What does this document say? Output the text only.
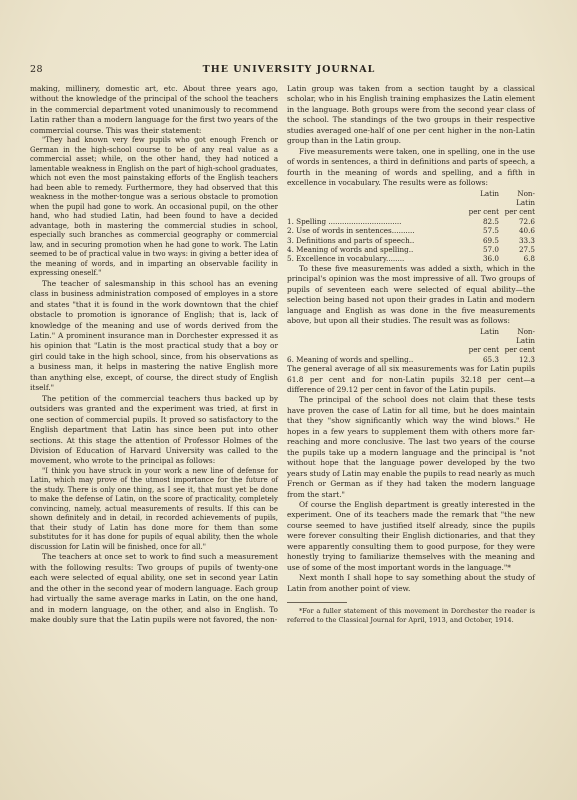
28	THE UNIVERSITY JOURNAL

making, millinery, domestic art, etc. About three years ago, without the knowledge of the principal of the school the teachers in the commercial department voted unanimously to recommend Latin rather than a modern language for the first two years of the commercial course. This was their statement:

"They had known very few pupils who got enough French or German in the high-school course to be of any real value as a commercial asset; while, on the other hand, they had noticed a lamentable weakness in English on the part of high-school graduates, which not even the most painstaking efforts of the English teachers had been able to remedy. Furthermore, they had observed that this weakness in the mother-tongue was a serious obstacle to promotion when the pupil had gone to work. An occasional pupil, on the other hand, who had studied Latin, had been found to have a decided advantage, both in mastering the commercial studies in school, especially such branches as commercial geography or commercial law, and in securing promotion when he had gone to work. The Latin seemed to be of practical value in two ways: in giving a better idea of the meaning of words, and in imparting an observable facility in expressing oneself."

The teacher of salesmanship in this school has an evening class in business administration composed of employes in a store and states "that it is found in the work downtown that the chief obstacle to promotion is ignorance of English; that is, lack of knowledge of the meaning and use of words derived from the Latin." A prominent insurance man in Dorchester expressed it as his opinion that "Latin is the most practical study that a boy or girl could take in the high school, since, from his observations as a business man, it helps in mastering the native English more than anything else, except, of course, the direct study of English itself."

The petition of the commercial teachers thus backed up by outsiders was granted and the experiment was tried, at first in one section of commercial pupils. It proved so satisfactory to the English department that Latin has since been put into other sections. At this stage the attention of Professor Holmes of the Division of Education of Harvard University was called to the movement, who wrote to the principal as follows:

"I think you have struck in your work a new line of defense for Latin, which may prove of the utmost importance for the future of the study. There is only one thing, as I see it, that must yet be done to make the defense of Latin, on the score of practicality, completely convincing, namely, actual measurements of results. If this can be shown definitely and in detail, in recorded achievements of pupils, that their study of Latin has done more for them than some substitutes for it has done for pupils of equal ability, then the whole discussion for Latin will be finished, once for all."

The teachers at once set to work to find such a measurement with the following results: Two groups of pupils of twenty-one each were selected of equal ability, one set in second year Latin and the other in the second year of modern language. Each group had virtually the same average marks in Latin, on the one hand, and in modern language, on the other, and also in English. To make doubly sure that the Latin pupils were not favored, the non-

Latin group was taken from a section taught by a classical scholar, who in his English training emphasizes the Latin element in the language. Both groups were from the second year class of the school. The standings of the two groups in their respective studies averaged one-half of one per cent higher in the non-Latin group than in the Latin group.

Five measurements were taken, one in spelling, one in the use of words in sentences, a third in definitions and parts of speech, a fourth in the meaning of words and spelling, and a fifth in excellence in vocabulary. The results were as follows:

	Latin	Non-Latin
	per cent	per cent
1. Spelling ................................	82.5	72.6
2. Use of words in sentences..........	57.5	40.6
3. Definitions and parts of speech..	69.5	33.3
4. Meaning of words and spelling..	57.0	27.5
5. Excellence in vocabulary........	36.0	6.8

To these five measurements was added a sixth, which in the principal's opinion was the most impressive of all. Two groups of pupils of seventeen each were selected of equal ability—the selection being based not upon their grades in Latin and modern language and English as was done in the five measurements above, but upon all their studies. The result was as follows:

	Latin	Non-Latin
	per cent	per cent
6. Meaning of words and spelling..	65.3	12.3

The general average of all six measurements was for Latin pupils 61.8 per cent and for non-Latin pupils 32.18 per cent—a difference of 29.12 per cent in favor of the Latin pupils.

The principal of the school does not claim that these tests have proven the case of Latin for all time, but he does maintain that they "show significantly which way the wind blows." He hopes in a few years to supplement them with others more far-reaching and more conclusive. The last two years of the course the pupils take up a modern language and the principal is "not without hope that the language power developed by the two years study of Latin may enable the pupils to read nearly as much French or German as if they had taken the modern language from the start."

Of course the English department is greatly interested in the experiment. One of its teachers made the remark that "the new course seemed to have justified itself already, since the pupils were forever consulting their English dictionaries, and that they were apparently consulting them to good purpose, for they were honestly trying to familiarize themselves with the meaning and use of some of the most important words in the language."*

Next month I shall hope to say something about the study of Latin from another point of view.

*For a fuller statement of this movement in Dorchester the reader is referred to the Classical Journal for April, 1913, and October, 1914.
